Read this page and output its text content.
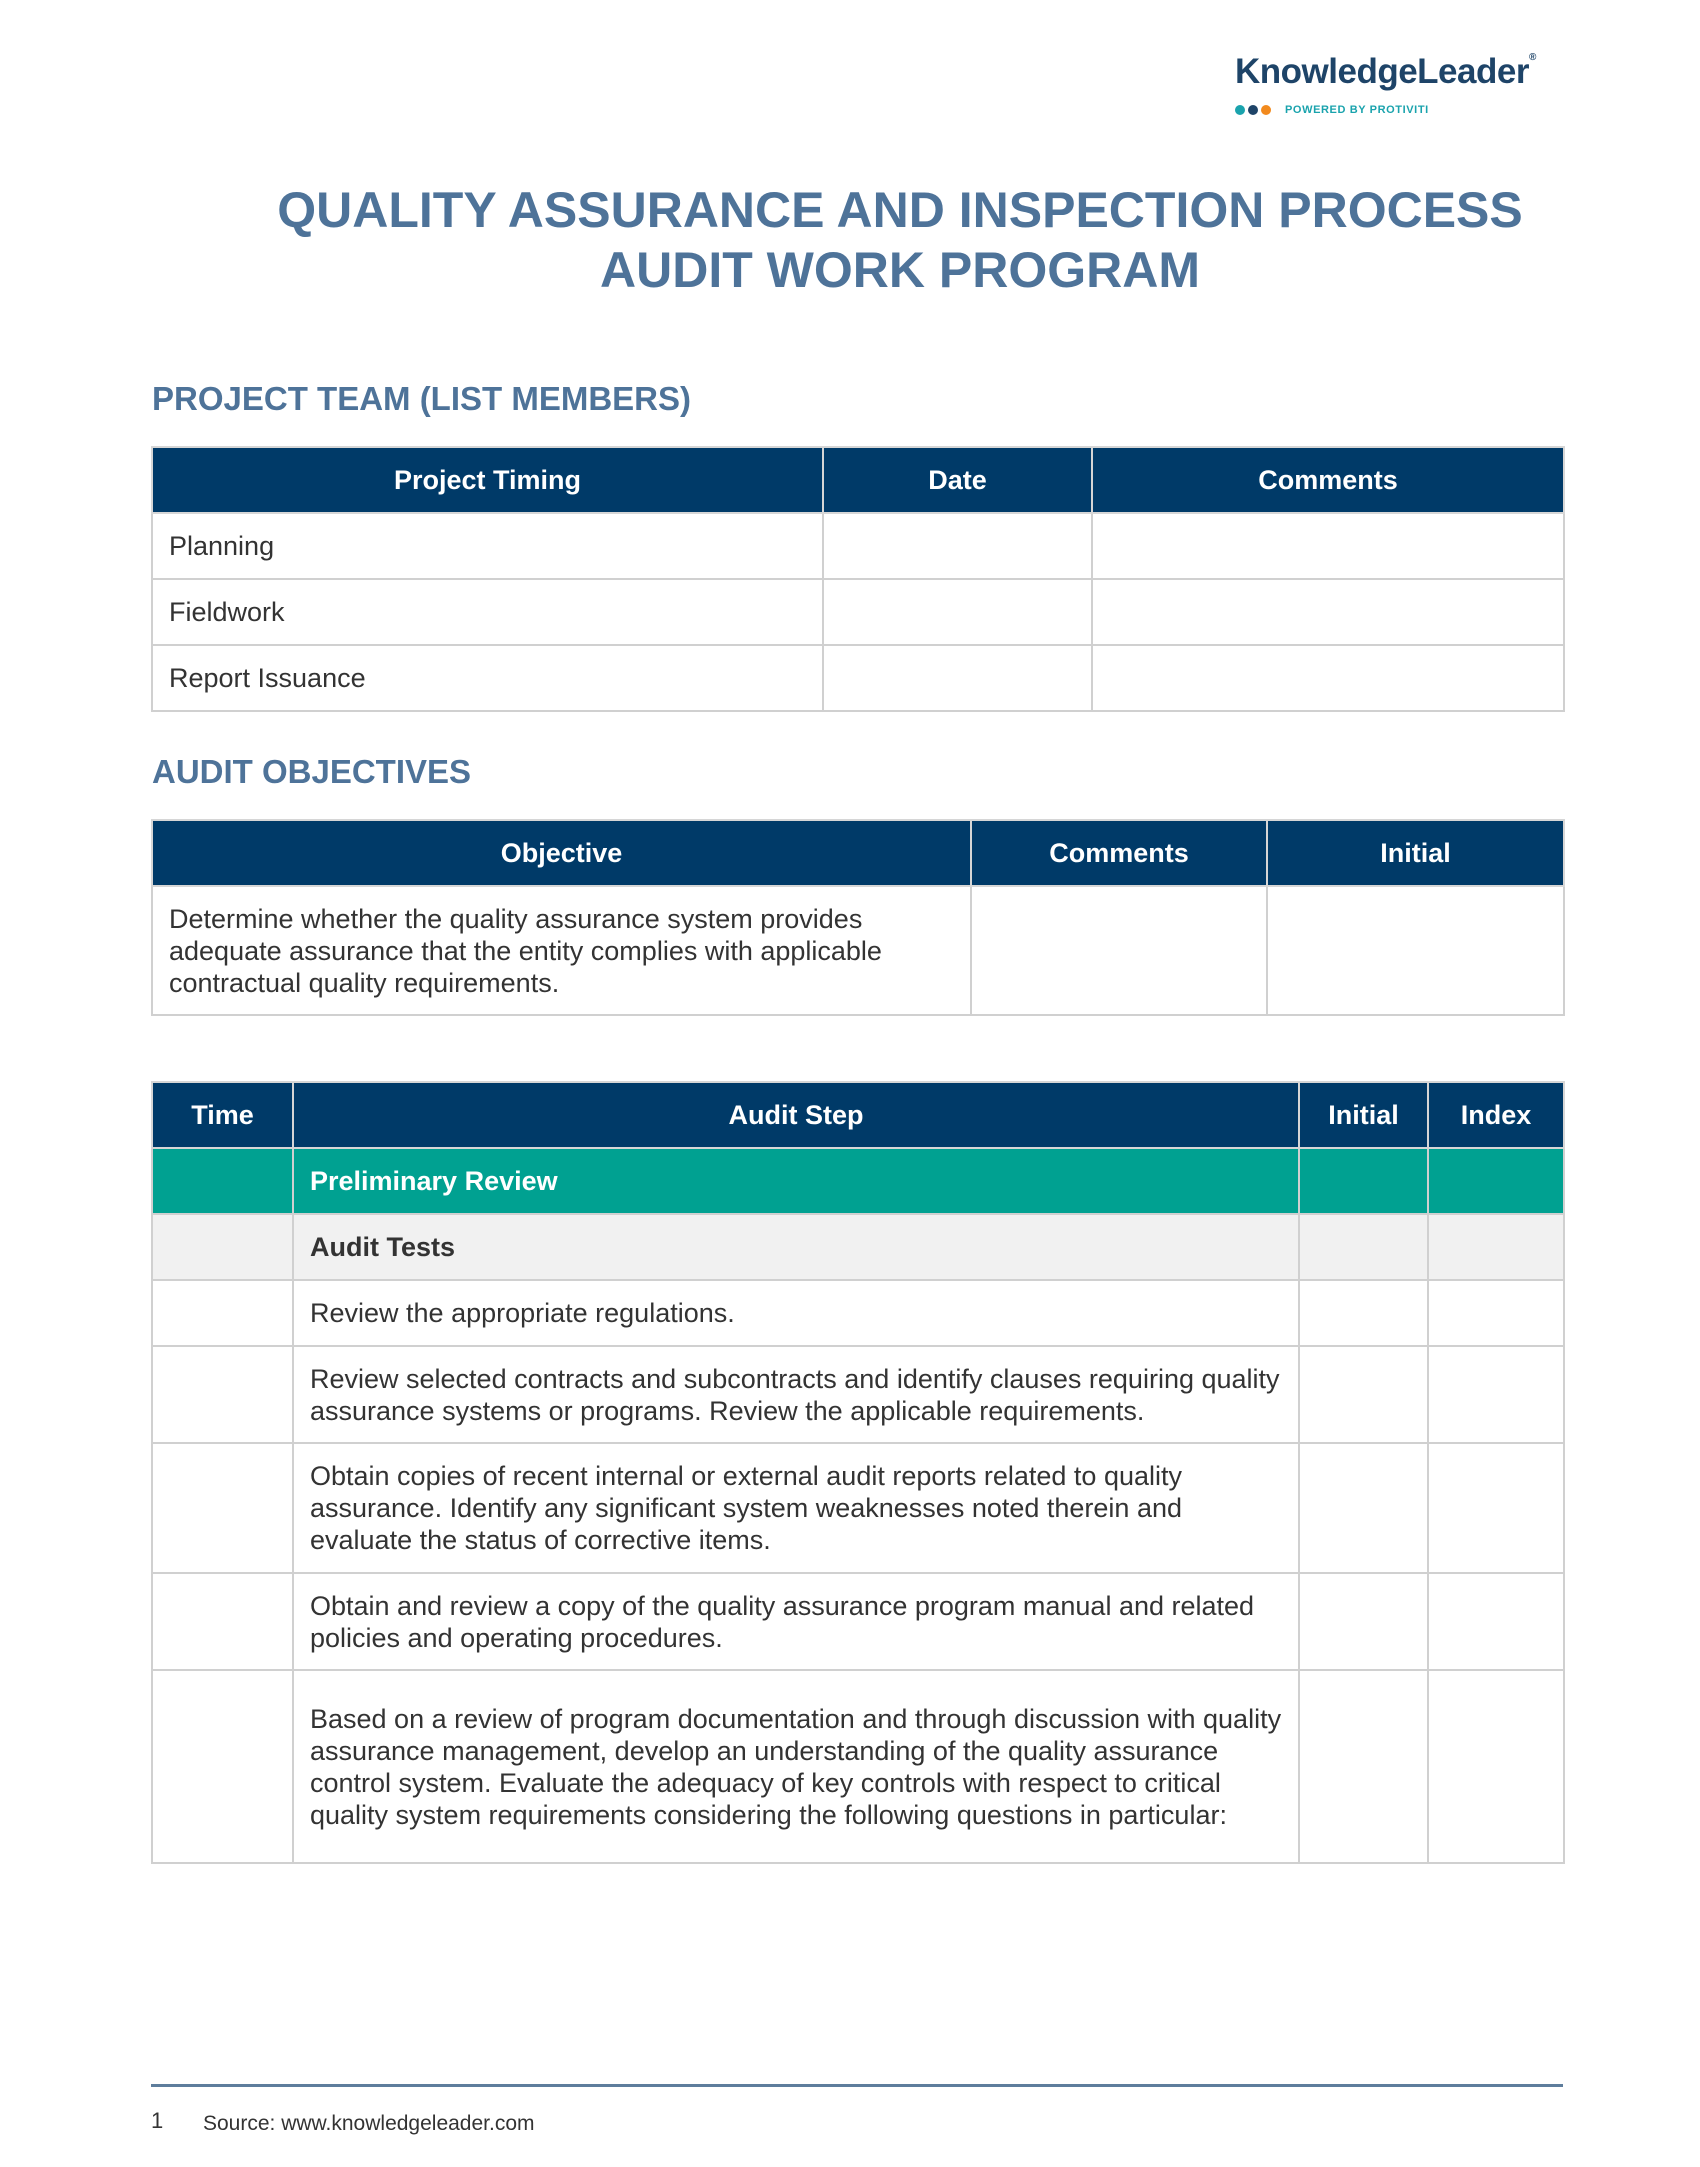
KnowledgeLeader®
POWERED BY PROTIVITI
QUALITY ASSURANCE AND INSPECTION PROCESS
AUDIT WORK PROGRAM
PROJECT TEAM (LIST MEMBERS)
Project Timing	Date	Comments
Planning		
Fieldwork		
Report Issuance		
AUDIT OBJECTIVES
Objective	Comments	Initial
Determine whether the quality assurance system provides adequate assurance that the entity complies with applicable contractual quality requirements.		
Time	Audit Step	Initial	Index
	Preliminary Review		
	Audit Tests		
	Review the appropriate regulations.		
	Review selected contracts and subcontracts and identify clauses requiring quality assurance systems or programs. Review the applicable requirements.		
	Obtain copies of recent internal or external audit reports related to quality assurance. Identify any significant system weaknesses noted therein and evaluate the status of corrective items.		
	Obtain and review a copy of the quality assurance program manual and related policies and operating procedures.		
	Based on a review of program documentation and through discussion with quality assurance management, develop an understanding of the quality assurance control system. Evaluate the adequacy of key controls with respect to critical quality system requirements considering the following questions in particular:		
1 Source: www.knowledgeleader.com
